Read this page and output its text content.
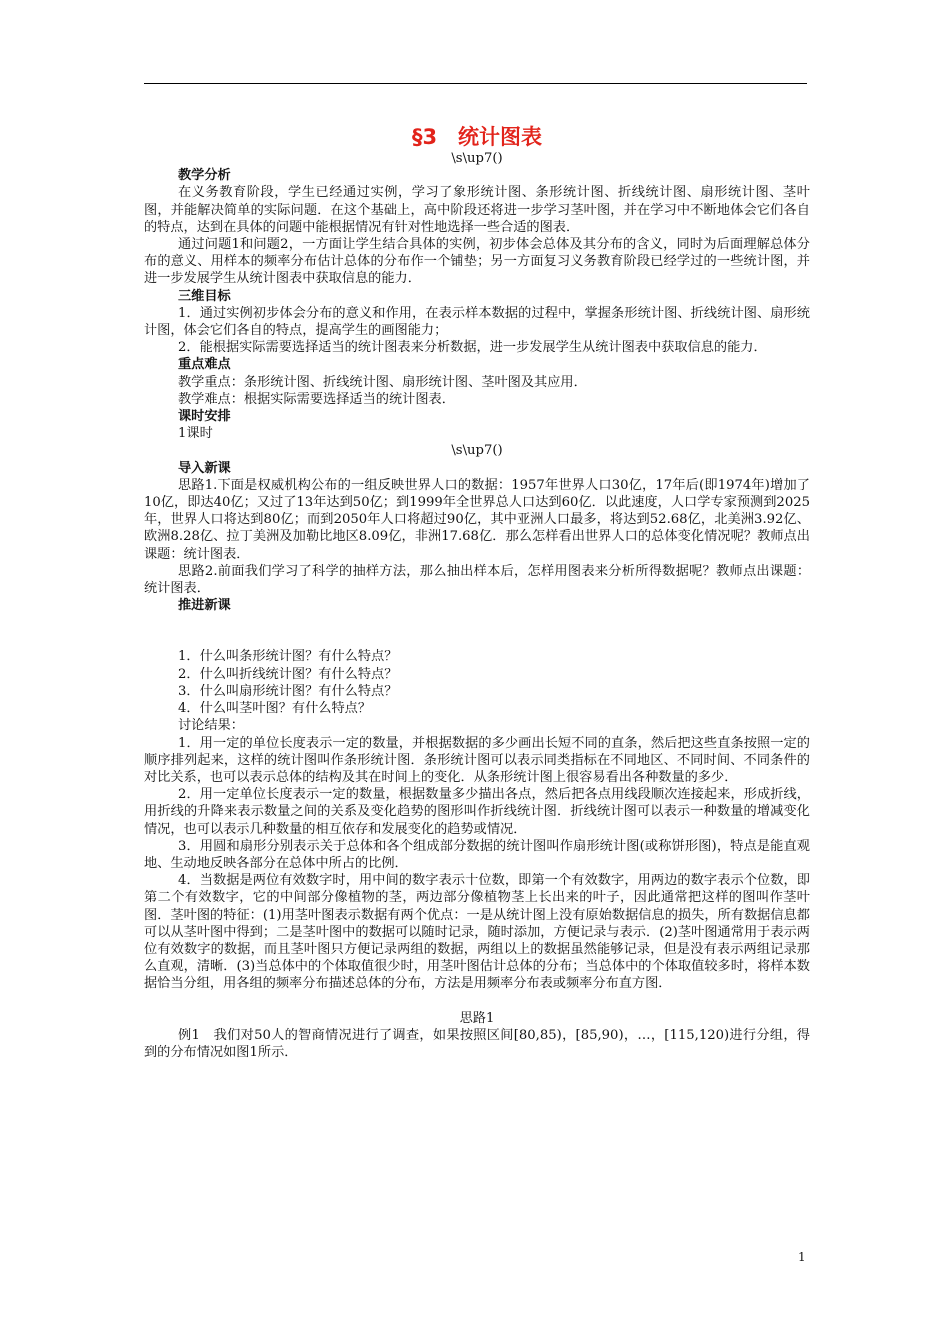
§3　统计图表

\s\up7()

教学分析

在义务教育阶段，学生已经通过实例，学习了象形统计图、条形统计图、折线统计图、扇形统计图、茎叶图，并能解决简单的实际问题．在这个基础上，高中阶段还将进一步学习茎叶图，并在学习中不断地体会它们各自的特点，达到在具体的问题中能根据情况有针对性地选择一些合适的图表．

通过问题1和问题2，一方面让学生结合具体的实例，初步体会总体及其分布的含义，同时为后面理解总体分布的意义、用样本的频率分布估计总体的分布作一个铺垫；另一方面复习义务教育阶段已经学过的一些统计图，并进一步发展学生从统计图表中获取信息的能力．

三维目标

1．通过实例初步体会分布的意义和作用，在表示样本数据的过程中，掌握条形统计图、折线统计图、扇形统计图，体会它们各自的特点，提高学生的画图能力；

2．能根据实际需要选择适当的统计图表来分析数据，进一步发展学生从统计图表中获取信息的能力．

重点难点

教学重点：条形统计图、折线统计图、扇形统计图、茎叶图及其应用．

教学难点：根据实际需要选择适当的统计图表．

课时安排

1课时

\s\up7()

导入新课

思路1.下面是权威机构公布的一组反映世界人口的数据：1957年世界人口30亿，17年后(即1974年)增加了10亿，即达40亿；又过了13年达到50亿；到1999年全世界总人口达到60亿．以此速度，人口学专家预测到2025年，世界人口将达到80亿；而到2050年人口将超过90亿，其中亚洲人口最多，将达到52.68亿，北美洲3.92亿、欧洲8.28亿、拉丁美洲及加勒比地区8.09亿，非洲17.68亿．那么怎样看出世界人口的总体变化情况呢？教师点出课题：统计图表．

思路2.前面我们学习了科学的抽样方法，那么抽出样本后，怎样用图表来分析所得数据呢？教师点出课题：统计图表．

推进新课

1．什么叫条形统计图？有什么特点？

2．什么叫折线统计图？有什么特点？

3．什么叫扇形统计图？有什么特点？

4．什么叫茎叶图？有什么特点？

讨论结果：

1．用一定的单位长度表示一定的数量，并根据数据的多少画出长短不同的直条，然后把这些直条按照一定的顺序排列起来，这样的统计图叫作条形统计图．条形统计图可以表示同类指标在不同地区、不同时间、不同条件的对比关系，也可以表示总体的结构及其在时间上的变化．从条形统计图上很容易看出各种数量的多少．

2．用一定单位长度表示一定的数量，根据数量多少描出各点，然后把各点用线段顺次连接起来，形成折线，用折线的升降来表示数量之间的关系及变化趋势的图形叫作折线统计图．折线统计图可以表示一种数量的增减变化情况，也可以表示几种数量的相互依存和发展变化的趋势或情况．

3．用圆和扇形分别表示关于总体和各个组成部分数据的统计图叫作扇形统计图(或称饼形图)，特点是能直观地、生动地反映各部分在总体中所占的比例．

4．当数据是两位有效数字时，用中间的数字表示十位数，即第一个有效数字，用两边的数字表示个位数，即第二个有效数字，它的中间部分像植物的茎，两边部分像植物茎上长出来的叶子，因此通常把这样的图叫作茎叶图．茎叶图的特征：(1)用茎叶图表示数据有两个优点：一是从统计图上没有原始数据信息的损失，所有数据信息都可以从茎叶图中得到；二是茎叶图中的数据可以随时记录，随时添加，方便记录与表示．(2)茎叶图通常用于表示两位有效数字的数据，而且茎叶图只方便记录两组的数据，两组以上的数据虽然能够记录，但是没有表示两组记录那么直观，清晰．(3)当总体中的个体取值很少时，用茎叶图估计总体的分布；当总体中的个体取值较多时，将样本数据恰当分组，用各组的频率分布描述总体的分布，方法是用频率分布表或频率分布直方图．

思路1

例1　我们对50人的智商情况进行了调查，如果按照区间[80,85)，[85,90)，…，[115,120)进行分组，得到的分布情况如图1所示．

1
